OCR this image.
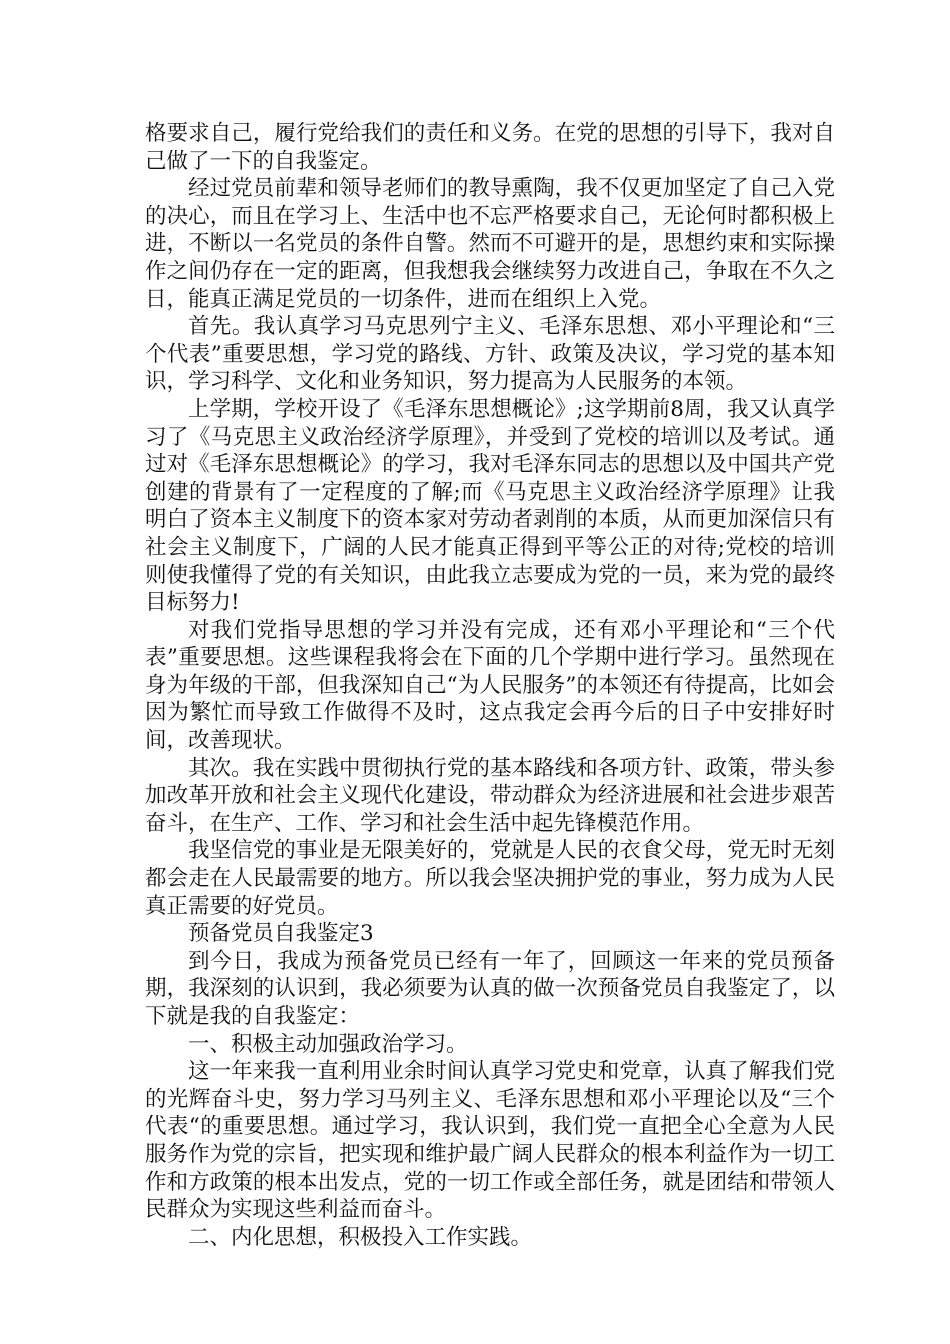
格要求自己，履行党给我们的责任和义务。在党的思想的引导下，我对自己做了一下的自我鉴定。

经过党员前辈和领导老师们的教导熏陶，我不仅更加坚定了自己入党的决心，而且在学习上、生活中也不忘严格要求自己，无论何时都积极上进，不断以一名党员的条件自警。然而不可避开的是，思想约束和实际操作之间仍存在一定的距离，但我想我会继续努力改进自己，争取在不久之日，能真正满足党员的一切条件，进而在组织上入党。

首先。我认真学习马克思列宁主义、毛泽东思想、邓小平理论和“三个代表”重要思想，学习党的路线、方针、政策及决议，学习党的基本知识，学习科学、文化和业务知识，努力提高为人民服务的本领。

上学期，学校开设了《毛泽东思想概论》;这学期前8周，我又认真学习了《马克思主义政治经济学原理》，并受到了党校的培训以及考试。通过对《毛泽东思想概论》的学习，我对毛泽东同志的思想以及中国共产党创建的背景有了一定程度的了解;而《马克思主义政治经济学原理》让我明白了资本主义制度下的资本家对劳动者剥削的本质，从而更加深信只有社会主义制度下，广阔的人民才能真正得到平等公正的对待;党校的培训则使我懂得了党的有关知识，由此我立志要成为党的一员，来为党的最终目标努力!

对我们党指导思想的学习并没有完成，还有邓小平理论和“三个代表”重要思想。这些课程我将会在下面的几个学期中进行学习。虽然现在身为年级的干部，但我深知自己“为人民服务”的本领还有待提高，比如会因为繁忙而导致工作做得不及时，这点我定会再今后的日子中安排好时间，改善现状。

其次。我在实践中贯彻执行党的基本路线和各项方针、政策，带头参加改革开放和社会主义现代化建设，带动群众为经济进展和社会进步艰苦奋斗，在生产、工作、学习和社会生活中起先锋模范作用。

我坚信党的事业是无限美好的，党就是人民的衣食父母，党无时无刻都会走在人民最需要的地方。所以我会坚决拥护党的事业，努力成为人民真正需要的好党员。

预备党员自我鉴定3

到今日，我成为预备党员已经有一年了，回顾这一年来的党员预备期，我深刻的认识到，我必须要为认真的做一次预备党员自我鉴定了，以下就是我的自我鉴定：

一、积极主动加强政治学习。

这一年来我一直利用业余时间认真学习党史和党章，认真了解我们党的光辉奋斗史，努力学习马列主义、毛泽东思想和邓小平理论以及“三个代表“的重要思想。通过学习，我认识到，我们党一直把全心全意为人民服务作为党的宗旨，把实现和维护最广阔人民群众的根本利益作为一切工作和方政策的根本出发点，党的一切工作或全部任务，就是团结和带领人民群众为实现这些利益而奋斗。

二、内化思想，积极投入工作实践。
